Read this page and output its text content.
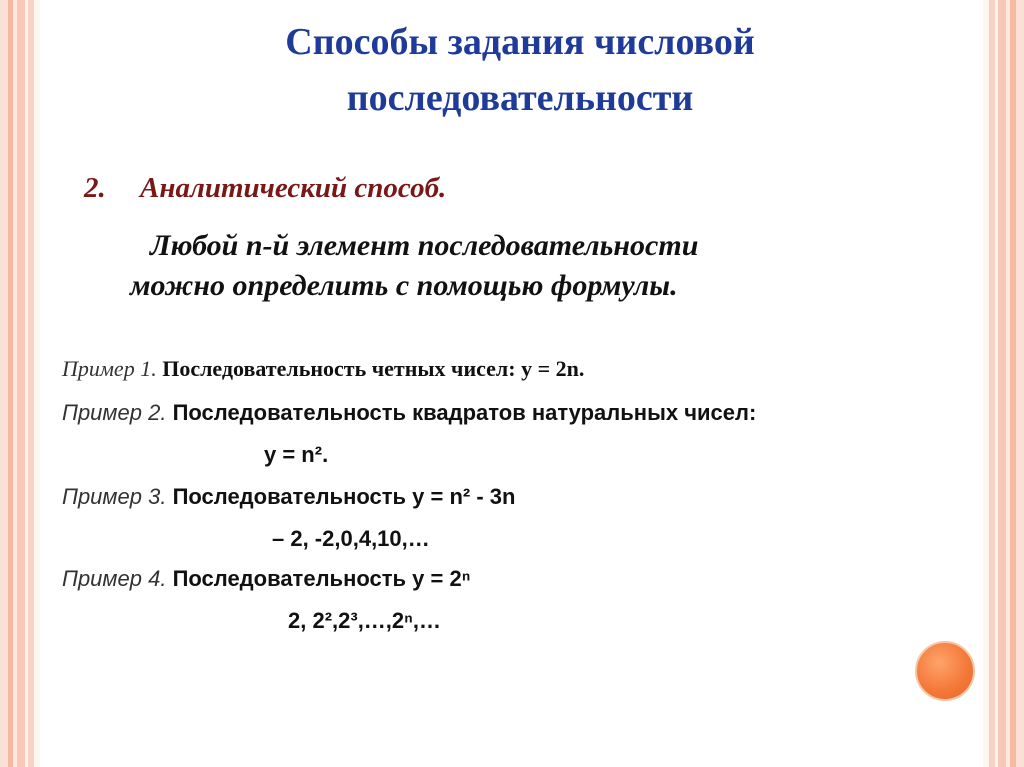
Способы задания числовой
последовательности
2. Аналитический способ.
Любой n-й элемент последовательности
можно определить с помощью формулы.
Пример 1. Последовательность четных чисел: y = 2n.
Пример 2. Последовательность квадратов натуральных чисел:
y = n².
Пример 3. Последовательность y = n² - 3n
– 2, -2,0,4,10,…
Пример 4. Последовательность y = 2ⁿ
2, 2²,2³,…,2ⁿ,…
